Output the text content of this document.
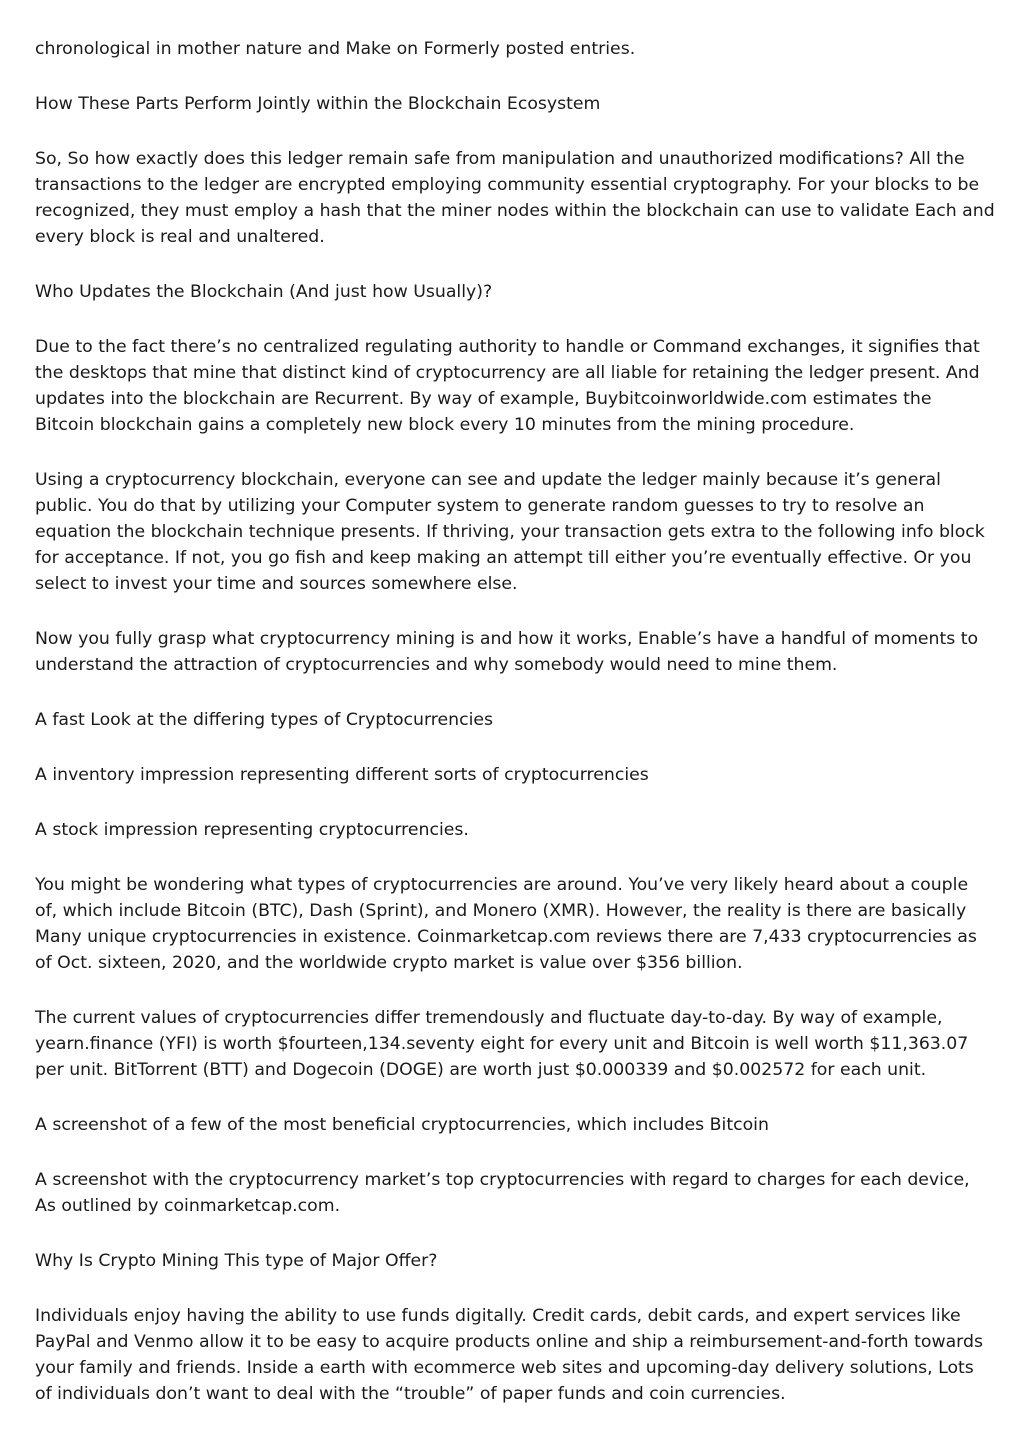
chronological in mother nature and Make on Formerly posted entries.

How These Parts Perform Jointly within the Blockchain Ecosystem

So, So how exactly does this ledger remain safe from manipulation and unauthorized modifications? All the transactions to the ledger are encrypted employing community essential cryptography. For your blocks to be recognized, they must employ a hash that the miner nodes within the blockchain can use to validate Each and every block is real and unaltered.

Who Updates the Blockchain (And just how Usually)?

Due to the fact there’s no centralized regulating authority to handle or Command exchanges, it signifies that the desktops that mine that distinct kind of cryptocurrency are all liable for retaining the ledger present. And updates into the blockchain are Recurrent. By way of example, Buybitcoinworldwide.com estimates the Bitcoin blockchain gains a completely new block every 10 minutes from the mining procedure.

Using a cryptocurrency blockchain, everyone can see and update the ledger mainly because it’s general public. You do that by utilizing your Computer system to generate random guesses to try to resolve an equation the blockchain technique presents. If thriving, your transaction gets extra to the following info block for acceptance. If not, you go fish and keep making an attempt till either you’re eventually effective. Or you select to invest your time and sources somewhere else.

Now you fully grasp what cryptocurrency mining is and how it works, Enable’s have a handful of moments to understand the attraction of cryptocurrencies and why somebody would need to mine them.

A fast Look at the differing types of Cryptocurrencies

A inventory impression representing different sorts of cryptocurrencies

A stock impression representing cryptocurrencies.

You might be wondering what types of cryptocurrencies are around. You’ve very likely heard about a couple of, which include Bitcoin (BTC), Dash (Sprint), and Monero (XMR). However, the reality is there are basically Many unique cryptocurrencies in existence. Coinmarketcap.com reviews there are 7,433 cryptocurrencies as of Oct. sixteen, 2020, and the worldwide crypto market is value over $356 billion.

The current values of cryptocurrencies differ tremendously and fluctuate day-to-day. By way of example, yearn.finance (YFI) is worth $fourteen,134.seventy eight for every unit and Bitcoin is well worth $11,363.07 per unit. BitTorrent (BTT) and Dogecoin (DOGE) are worth just $0.000339 and $0.002572 for each unit.

A screenshot of a few of the most beneficial cryptocurrencies, which includes Bitcoin

A screenshot with the cryptocurrency market’s top cryptocurrencies with regard to charges for each device, As outlined by coinmarketcap.com.

Why Is Crypto Mining This type of Major Offer?

Individuals enjoy having the ability to use funds digitally. Credit cards, debit cards, and expert services like PayPal and Venmo allow it to be easy to acquire products online and ship a reimbursement-and-forth towards your family and friends. Inside a earth with ecommerce web sites and upcoming-day delivery solutions, Lots of individuals don’t want to deal with the “trouble” of paper funds and coin currencies.
